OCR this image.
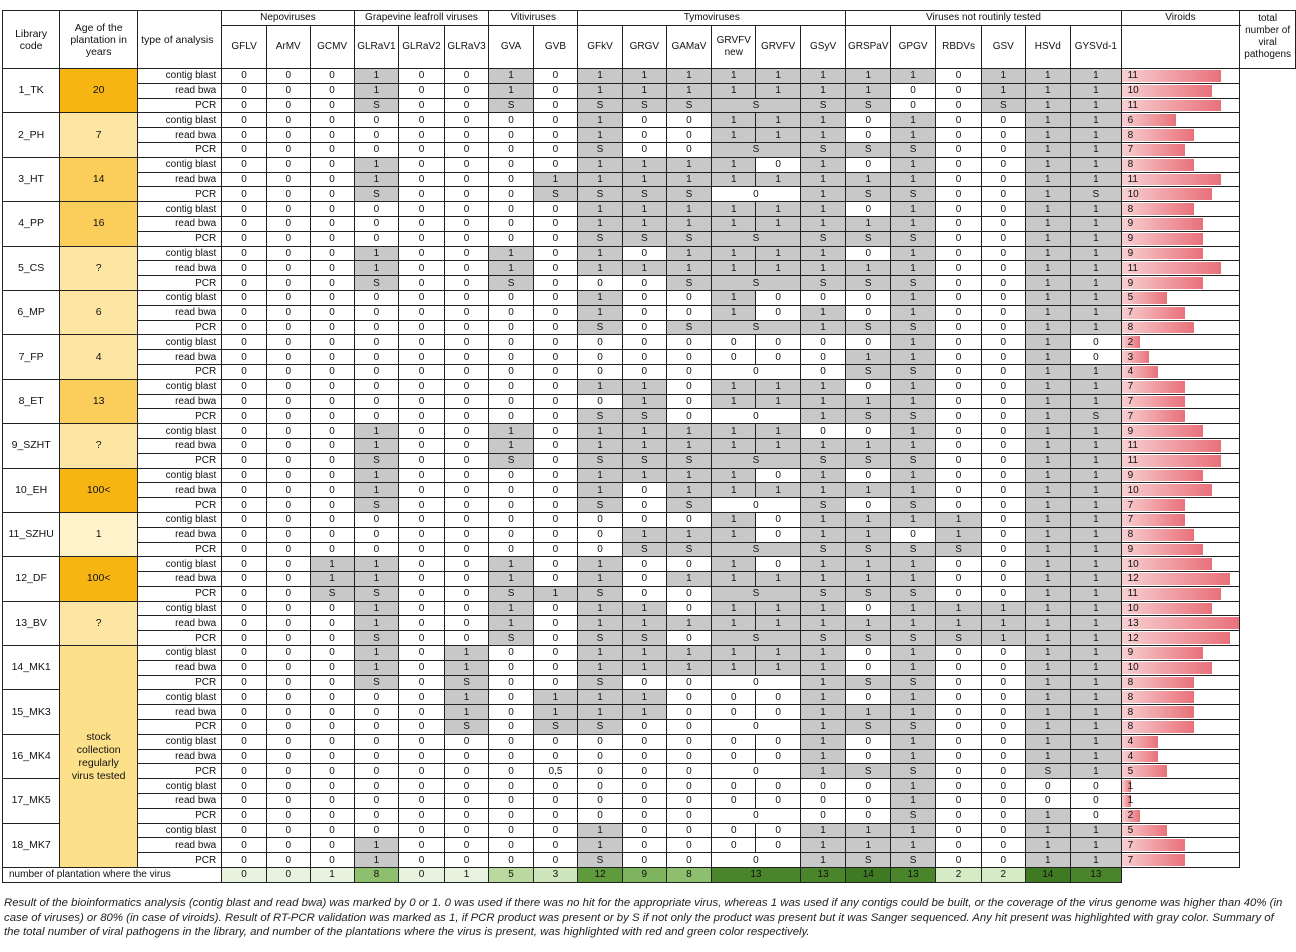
Library code	Age of the plantation in years	type of analysis	Nepoviruses			Grapevine leafroll viruses			Vitiviruses		Tymoviruses						Viruses not routinly tested						Viroids	total number of viral pathogens
			GFLV	ArMV	GCMV	GLRaV1	GLRaV2	GLRaV3	GVA	GVB	GFkV	GRGV	GAMaV	GRVFV new	GRVFV	GSyV	GRSPaV	GPGV	RBDVs	GSV	HSVd	GYSVd-1		
1_TK	20	contig blast	0	0	0	1	0	0	1	0	1	1	1	1	1	1	1	1	0	1	1	1	11	
		read bwa	0	0	0	1	0	0	1	0	1	1	1	1	1	1	1	0	0	1	1	1	10	
		PCR	0	0	0	S	0	0	S	0	S	S	S	S		S	S	0	0	S	1	1	11	
2_PH	7	contig blast	0	0	0	0	0	0	0	0	1	0	0	1	1	1	0	1	0	0	1	1	6	
		read bwa	0	0	0	0	0	0	0	0	1	0	0	1	1	1	0	1	0	0	1	1	8	
		PCR	0	0	0	0	0	0	0	0	S	0	0	S		S	S	S	0	0	1	1	7	
3_HT	14	contig blast	0	0	0	1	0	0	0	0	1	1	1	1	0	1	0	1	0	0	1	1	8	
		read bwa	0	0	0	1	0	0	0	1	1	1	1	1	1	1	1	1	0	0	1	1	11	
		PCR	0	0	0	S	0	0	0	S	S	S	S	0		1	S	S	0	0	1	S	10	
4_PP	16	contig blast	0	0	0	0	0	0	0	0	1	1	1	1	1	1	0	1	0	0	1	1	8	
		read bwa	0	0	0	0	0	0	0	0	1	1	1	1	1	1	1	1	0	0	1	1	9	
		PCR	0	0	0	0	0	0	0	0	S	S	S	S		S	S	S	0	0	1	1	9	
5_CS	?	contig blast	0	0	0	1	0	0	1	0	1	0	1	1	1	1	0	1	0	0	1	1	9	
		read bwa	0	0	0	1	0	0	1	0	1	1	1	1	1	1	1	1	0	0	1	1	11	
		PCR	0	0	0	S	0	0	S	0	0	0	S	S		S	S	S	0	0	1	1	9	
6_MP	6	contig blast	0	0	0	0	0	0	0	0	1	0	0	1	0	0	0	1	0	0	1	1	5	
		read bwa	0	0	0	0	0	0	0	0	1	0	0	1	0	1	0	1	0	0	1	1	7	
		PCR	0	0	0	0	0	0	0	0	S	0	S	S		1	S	S	0	0	1	1	8	
7_FP	4	contig blast	0	0	0	0	0	0	0	0	0	0	0	0	0	0	0	1	0	0	1	0	2	
		read bwa	0	0	0	0	0	0	0	0	0	0	0	0	0	0	1	1	0	0	1	0	3	
		PCR	0	0	0	0	0	0	0	0	0	0	0	0		0	S	S	0	0	1	1	4	
8_ET	13	contig blast	0	0	0	0	0	0	0	0	1	1	0	1	1	1	0	1	0	0	1	1	7	
		read bwa	0	0	0	0	0	0	0	0	0	1	0	1	1	1	1	1	0	0	1	1	7	
		PCR	0	0	0	0	0	0	0	0	S	S	0	0		1	S	S	0	0	1	S	7	
9_SZHT	?	contig blast	0	0	0	1	0	0	1	0	1	1	1	1	1	0	0	1	0	0	1	1	9	
		read bwa	0	0	0	1	0	0	1	0	1	1	1	1	1	1	1	1	0	0	1	1	11	
		PCR	0	0	0	S	0	0	S	0	S	S	S	S		S	S	S	0	0	1	1	11	
10_EH	100<	contig blast	0	0	0	1	0	0	0	0	1	1	1	1	0	1	0	1	0	0	1	1	9	
		read bwa	0	0	0	1	0	0	0	0	1	0	1	1	1	1	1	1	0	0	1	1	10	
		PCR	0	0	0	S	0	0	0	0	S	0	S	0		S	0	S	0	0	1	1	7	
11_SZHU	1	contig blast	0	0	0	0	0	0	0	0	0	0	0	1	0	1	1	1	1	0	1	1	7	
		read bwa	0	0	0	0	0	0	0	0	0	1	1	1	0	1	1	0	1	0	1	1	8	
		PCR	0	0	0	0	0	0	0	0	0	S	S	S		S	S	S	S	0	1	1	9	
12_DF	100<	contig blast	0	0	1	1	0	0	1	0	1	0	0	1	0	1	1	1	0	0	1	1	10	
		read bwa	0	0	1	1	0	0	1	0	1	0	1	1	1	1	1	1	0	0	1	1	12	
		PCR	0	0	S	S	0	0	S	1	S	0	0	S		S	S	S	0	0	1	1	11	
13_BV	?	contig blast	0	0	0	1	0	0	1	0	1	1	0	1	1	1	0	1	1	1	1	1	10	
		read bwa	0	0	0	1	0	0	1	0	1	1	1	1	1	1	1	1	1	1	1	1	13	
		PCR	0	0	0	S	0	0	S	0	S	S	0	S		S	S	S	S	1	1	1	12	
14_MK1	stock collection regularly virus tested	contig blast	0	0	0	1	0	1	0	0	1	1	1	1	1	1	0	1	0	0	1	1	9	
		read bwa	0	0	0	1	0	1	0	0	1	1	1	1	1	1	0	1	0	0	1	1	10	
		PCR	0	0	0	S	0	S	0	0	S	0	0	0		1	S	S	0	0	1	1	8	
15_MK3		contig blast	0	0	0	0	0	1	0	1	1	1	0	0	0	1	0	1	0	0	1	1	8	
		read bwa	0	0	0	0	0	1	0	1	1	1	0	0	0	1	1	1	0	0	1	1	8	
		PCR	0	0	0	0	0	S	0	S	S	0	0	0		1	S	S	0	0	1	1	8	
16_MK4		contig blast	0	0	0	0	0	0	0	0	0	0	0	0	0	1	0	1	0	0	1	1	4	
		read bwa	0	0	0	0	0	0	0	0	0	0	0	0	0	1	0	1	0	0	1	1	4	
		PCR	0	0	0	0	0	0	0	0,5	0	0	0	0		1	S	S	0	0	S	1	5	
17_MK5		contig blast	0	0	0	0	0	0	0	0	0	0	0	0	0	0	0	1	0	0	0	0	1	
		read bwa	0	0	0	0	0	0	0	0	0	0	0	0	0	0	0	1	0	0	0	0	1	
		PCR	0	0	0	0	0	0	0	0	0	0	0	0		0	0	S	0	0	1	0	2	
18_MK7		contig blast	0	0	0	0	0	0	0	0	1	0	0	0	0	1	1	1	0	0	1	1	5	
		read bwa	0	0	0	1	0	0	0	0	1	0	0	0	0	1	1	1	0	0	1	1	7	
		PCR	0	0	0	1	0	0	0	0	S	0	0	0		1	S	S	0	0	1	1	7	
number of plantation where the virus			0	0	1	8	0	1	5	3	12	9	8	13		13	14	13	2	2	14	13		
Result of the bioinformatics analysis (contig blast and read bwa) was marked by 0 or 1. 0 was used if there was no hit for the appropriate virus, whereas 1 was used if any contigs could be built, or the coverage of the virus genome was higher than 40% (in case of viruses) or 80% (in case of viroids). Result of RT-PCR validation was marked as 1, if PCR product was present or by S if not only the product was present but it was Sanger sequenced. Any hit present was highlighted with gray color. Summary of the total number of viral pathogens in the library, and number of the plantations where the virus is present, was highlighted with red and green color respectively.
